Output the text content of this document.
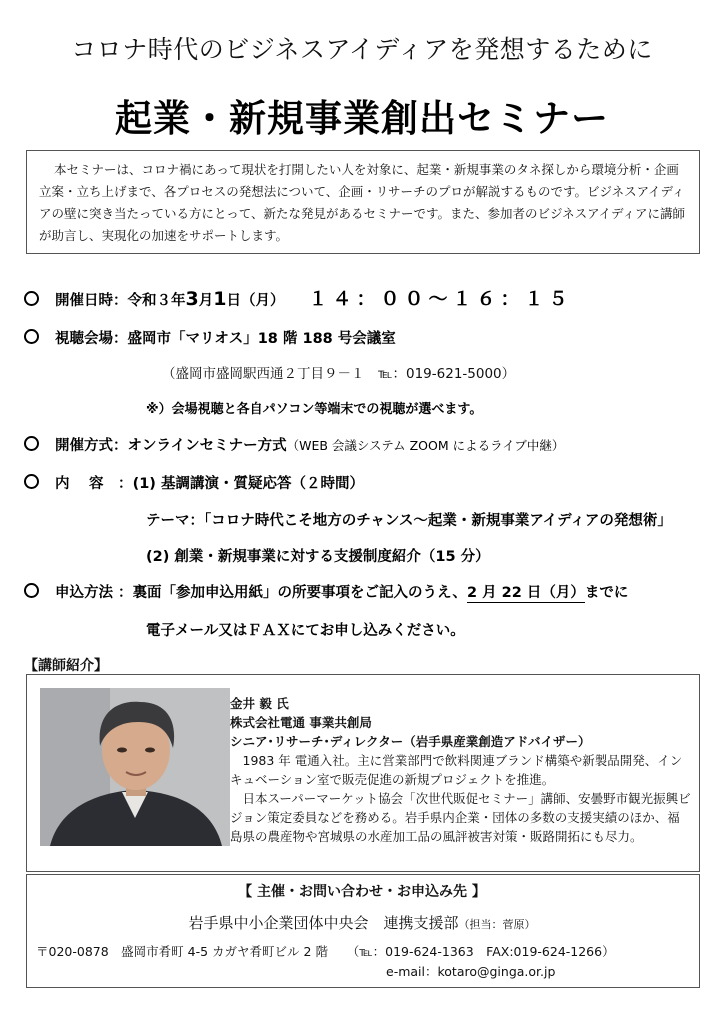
コロナ時代のビジネスアイディアを発想するために
起業・新規事業創出セミナー
本セミナーは、コロナ禍にあって現状を打開したい人を対象に、起業・新規事業のタネ探しから環境分析・企画立案・立ち上げまで、各プロセスの発想法について、企画・リサーチのプロが解説するものです。ビジネスアイディアの壁に突き当たっている方にとって、新たな発見があるセミナーです。また、参加者のビジネスアイディアに講師が助言し、実現化の加速をサポートします。
開催日時：令和３年3月1日（月） １４：００〜１６：１５
視聴会場：盛岡市「マリオス」18 階 188 号会議室
（盛岡市盛岡駅西通２丁目９－１　℡：019-621-5000）
※）会場視聴と各自パソコン等端末での視聴が選べます。
開催方式：オンラインセミナー方式（WEB 会議システム ZOOM によるライブ中継）
内　 容　：(1) 基調講演・質疑応答（２時間）
テーマ：「コロナ時代こそ地方のチャンス〜起業・新規事業アイディアの発想術」
(2) 創業・新規事業に対する支援制度紹介（15 分）
申込方法 ：裏面「参加申込用紙」の所要事項をご記入のうえ、2 月 22 日（月）までに
電子メール又はＦＡＸにてお申し込みください。
【講師紹介】
金井 毅 氏
株式会社電通 事業共創局
シニア･リサーチ･ディレクター（岩手県産業創造アドバイザー）

1983 年 電通入社。主に営業部門で飲料関連ブランド構築や新製品開発、インキュベーション室で販売促進の新規プロジェクトを推進。

日本スーパーマーケット協会「次世代販促セミナー」講師、安曇野市観光振興ビジョン策定委員などを務める。岩手県内企業・団体の多数の支援実績のほか、福島県の農産物や宮城県の水産加工品の風評被害対策・販路開拓にも尽力。

【 主催・お問い合わせ・お申込み先 】
岩手県中小企業団体中央会　連携支援部（担当：菅原）
〒020-0878　盛岡市肴町 4-5 カガヤ肴町ビル 2 階　　（℡：019-624-1363　FAX:019-624-1266）
e-mail：kotaro@ginga.or.jp
